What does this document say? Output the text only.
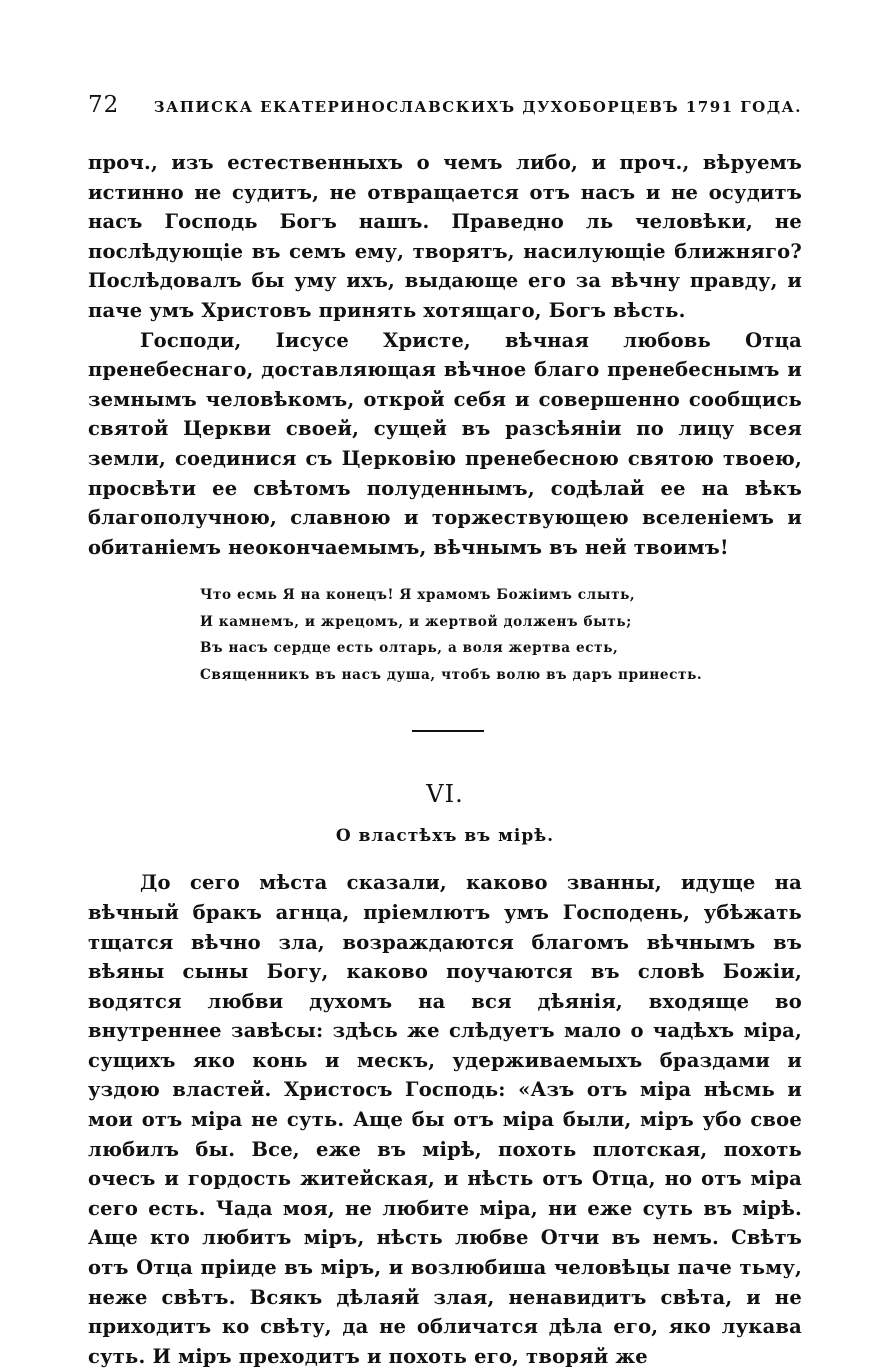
72	ЗАПИСКА ЕКАТЕРИНОСЛАВСКИХЪ ДУХОБОРЦЕВЪ 1791 ГОДА.

проч., изъ естественныхъ о чемъ либо, и проч., вѣруемъ истинно не судитъ, не отвращается отъ насъ и не осудитъ насъ Господь Богъ нашъ. Праведно ль человѣки, не послѣдующіе въ семъ ему, творятъ, насилующіе ближняго? Послѣдовалъ бы уму ихъ, выдающе его за вѣчну правду, и паче умъ Христовъ принять хотящаго, Богъ вѣсть.

Господи, Іисусе Христе, вѣчная любовь Отца пренебеснаго, доставляющая вѣчное благо пренебеснымъ и земнымъ человѣкомъ, открой себя и совершенно сообщись святой Церкви своей, сущей въ разсѣяніи по лицу всея земли, соединися съ Церковію пренебесною святою твоею, просвѣти ее свѣтомъ полуденнымъ, содѣлай ее на вѣкъ благополучною, славною и торжествующею вселеніемъ и обитаніемъ неокончаемымъ, вѣчнымъ въ ней твоимъ!

Что есмь Я на конецъ! Я храмомъ Божіимъ слыть,
И камнемъ, и жрецомъ, и жертвой долженъ быть;
Въ насъ сердце есть олтарь, а воля жертва есть,
Священникъ въ насъ душа, чтобъ волю въ даръ принесть.
VI.
О властѣхъ въ мірѣ.

До сего мѣста сказали, каково званны, идуще на вѣчный бракъ агнца, пріемлютъ умъ Господень, убѣжать тщатся вѣчно зла, возраждаются благомъ вѣчнымъ въ вѣяны сыны Богу, каково поучаются въ словѣ Божіи, водятся любви духомъ на вся дѣянія, входяще во внутреннее завѣсы: здѣсь же слѣдуетъ мало о чадѣхъ міра, сущихъ яко конь и мескъ, удерживаемыхъ браздами и уздою властей. Христосъ Господь: «Азъ отъ міра нѣсмь и мои отъ міра не суть. Аще бы отъ міра были, міръ убо свое любилъ бы. Все, еже въ мірѣ, похоть плотская, похоть очесъ и гордость житейская, и нѣсть отъ Отца, но отъ міра сего есть. Чада моя, не любите міра, ни еже суть въ мірѣ. Аще кто любитъ міръ, нѣсть любве Отчи въ немъ. Свѣтъ отъ Отца пріиде въ міръ, и возлюбиша человѣцы паче тьму, неже свѣтъ. Всякъ дѣлаяй злая, ненавидитъ свѣта, и не приходитъ ко свѣту, да не обличатся дѣла его, яко лукава суть. И міръ преходитъ и похоть его, творяй же
